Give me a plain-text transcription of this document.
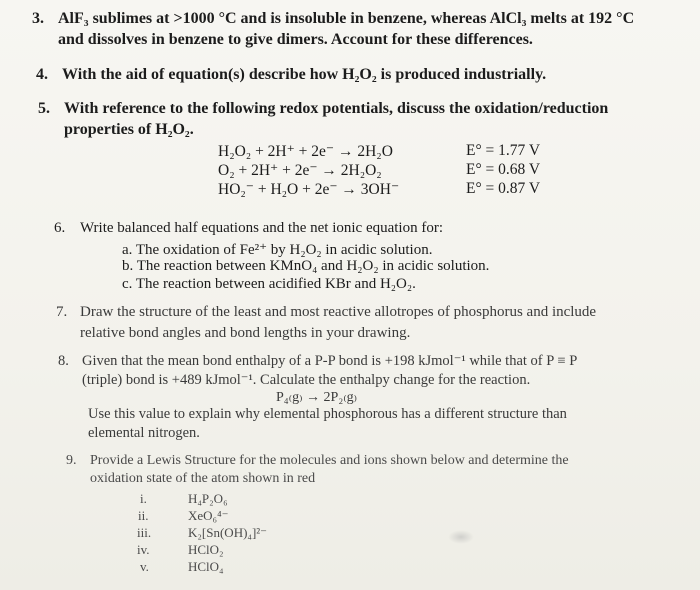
3. AlF₃ sublimes at >1000 °C and is insoluble in benzene, whereas AlCl₃ melts at 192 °C
and dissolves in benzene to give dimers. Account for these differences.
4. With the aid of equation(s) describe how H₂O₂ is produced industrially.
5. With reference to the following redox potentials, discuss the oxidation/reduction
properties of H₂O₂.
H₂O₂ + 2H⁺ + 2e⁻ → 2H₂O	E° = 1.77 V
O₂ + 2H⁺ + 2e⁻ → 2H₂O₂	E° = 0.68 V
HO₂⁻ + H₂O + 2e⁻ → 3OH⁻	E° = 0.87 V
6. Write balanced half equations and the net ionic equation for:
a. The oxidation of Fe²⁺ by H₂O₂ in acidic solution.
b. The reaction between KMnO₄ and H₂O₂ in acidic solution.
c. The reaction between acidified KBr and H₂O₂.
7. Draw the structure of the least and most reactive allotropes of phosphorus and include
relative bond angles and bond lengths in your drawing.
8. Given that the mean bond enthalpy of a P-P bond is +198 kJmol⁻¹ while that of P ≡ P
(triple) bond is +489 kJmol⁻¹. Calculate the enthalpy change for the reaction.
P₄₍g₎ → 2P₂₍g₎
Use this value to explain why elemental phosphorous has a different structure than
elemental nitrogen.
9. Provide a Lewis Structure for the molecules and ions shown below and determine the
oxidation state of the atom shown in red
i.	H₄P₂O₆
ii.	XeO₆⁴⁻
iii.	K₂[Sn(OH)₄]²⁻
iv.	HClO₂
v.	HClO₄
